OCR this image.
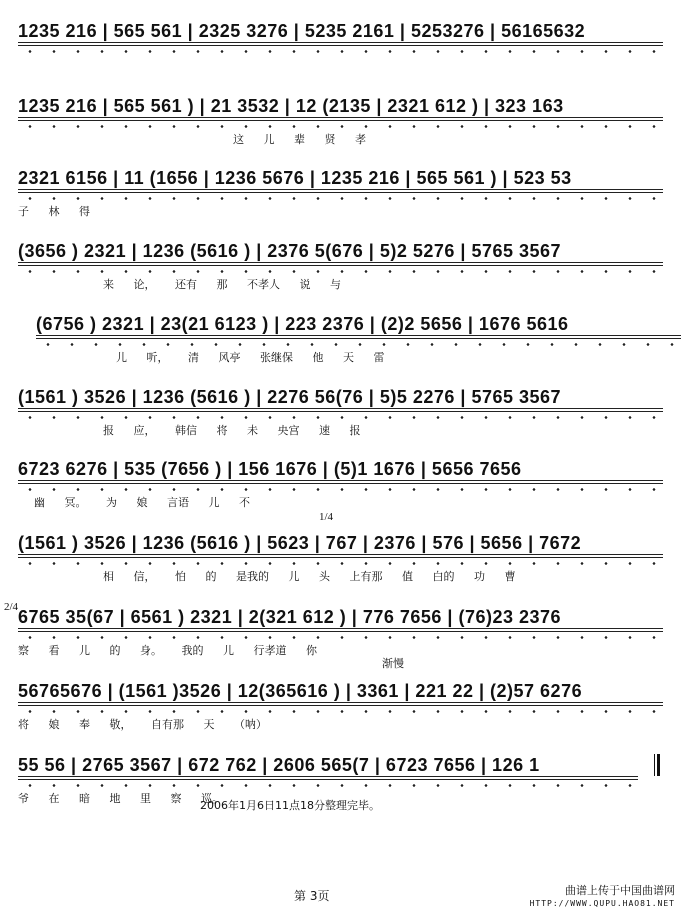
1235 216 | 565 561 | 2325 3276 | 5235 2161 | 5253276 | 56165632
1235 216 | 565 561 ) | 21 3532 | 12 (2135 | 2321 612 ) | 323 163
这 儿 辈 贤 孝
2321 6156 | 11 (1656 | 1236 5676 | 1235 216 | 565 561 ) | 523 53
子 林 得
(3656 ) 2321 | 1236 (5616 ) | 2376 5(676 | 5)2 5276 | 5765 3567
来 论， 还有 那 不孝人 说 与
(6756 ) 2321 | 23(21 6123 ) | 223 2376 | (2)2 5656 | 1676 5616
儿 听， 清 风亭 张继保 他 天 雷
(1561 ) 3526 | 1236 (5616 ) | 2276 56(76 | 5)5 2276 | 5765 3567
报 应， 韩信 将 未 央宫 速 报
6723 6276 | 535 (7656 ) | 156 1676 | (5)1 1676 | 5656 7656
幽 冥。 为 娘 言语 儿 不
1/4
(1561 ) 3526 | 1236 (5616 ) | 5623 | 767 | 2376 | 576 | 5656 | 7672
相 信， 怕 的 是我的 儿 头 上有那 值 白的 功 曹
2/4 6765 35(67 | 6561 ) 2321 | 2(321 612 ) | 776 7656 | (76)23 2376
察 看 儿 的 身。 我的 儿 行孝道 你
渐慢
56765676 | (1561 )3526 | 12(365616 ) | 3361 | 221 22 | (2)57 6276
将 娘 奉 敬， 自有那 天 （呐）
55 56 | 2765 3567 | 672 762 | 2606 565(7 | 6723 7656 | 126 1
爷 在 暗 地 里 察 巡。
2006年1月6日11点18分整理完毕。
第 3页	曲谱上传于中国曲谱网
HTTP://WWW.QUPU.HAO81.NET
